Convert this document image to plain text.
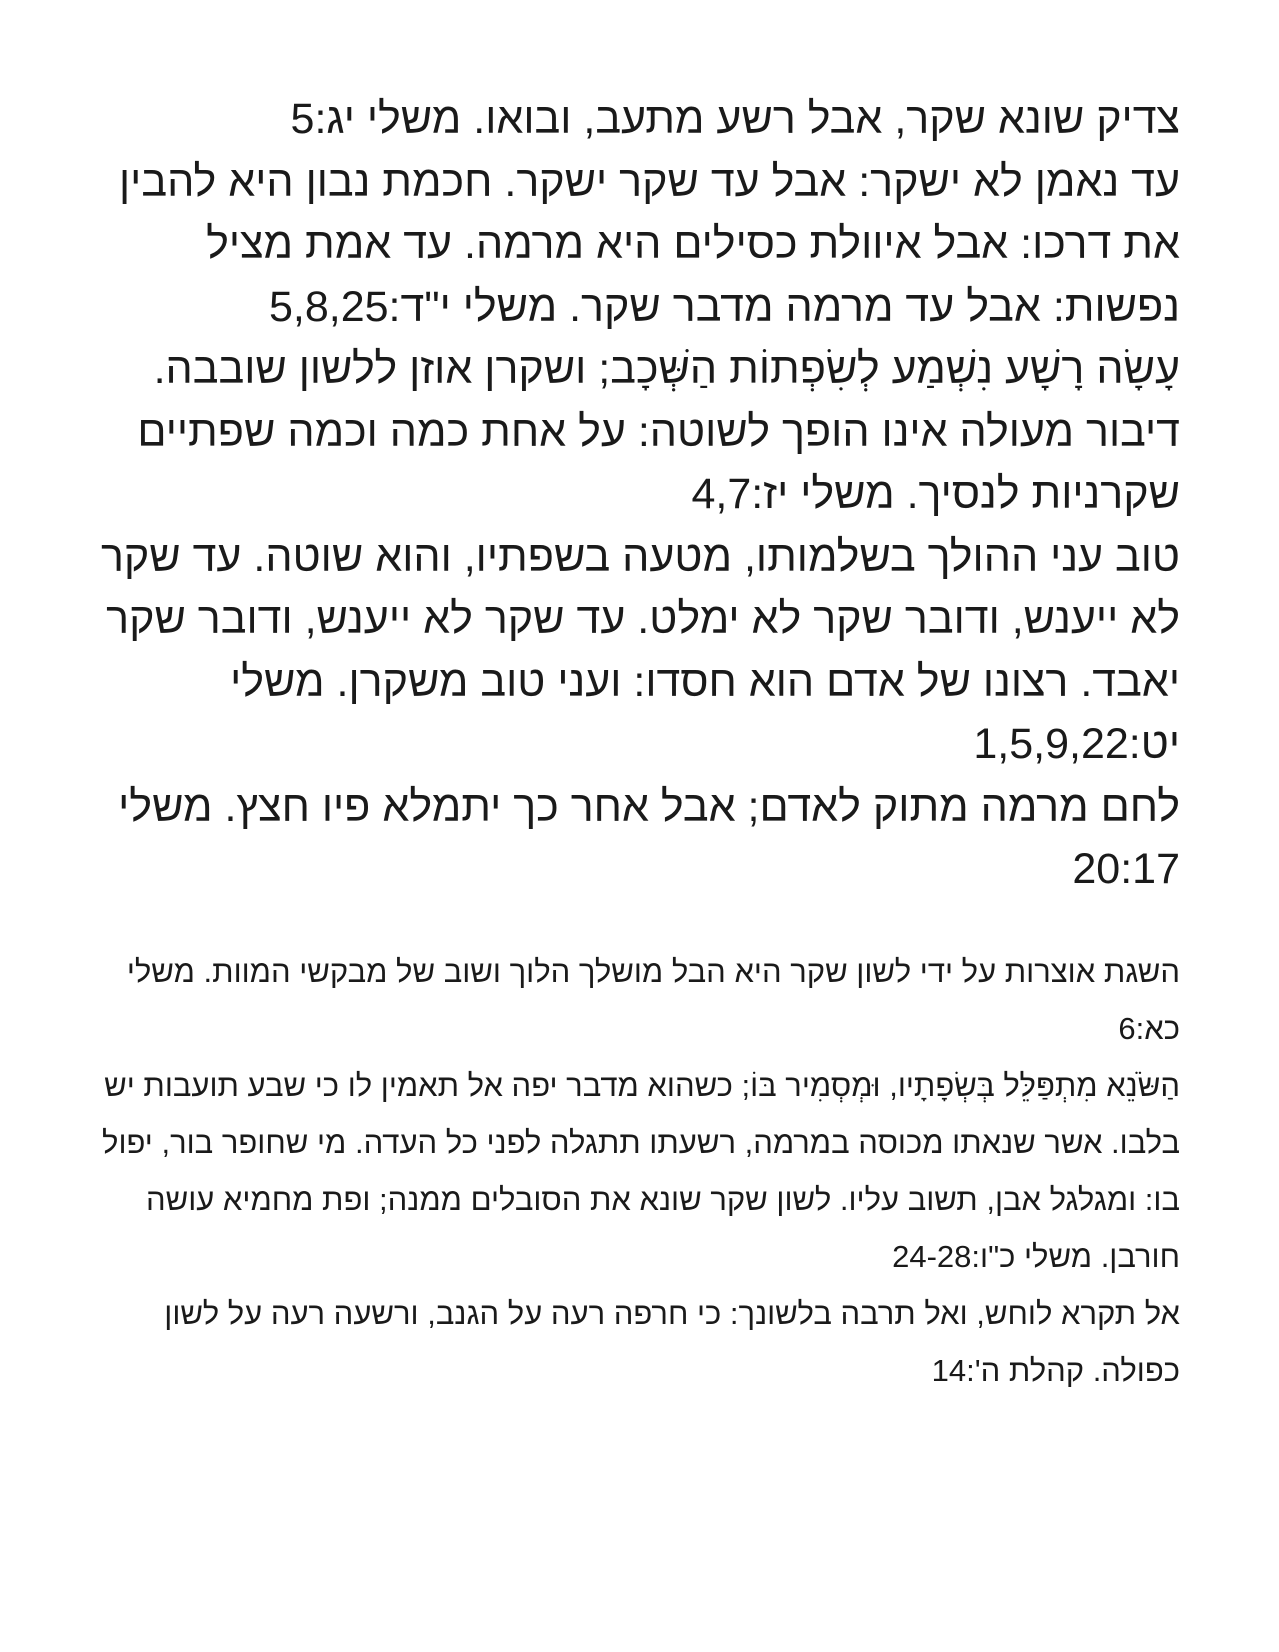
צדיק שונא שקר, אבל רשע מתעב, ובואו. משלי יג:5

עד נאמן לא ישקר: אבל עד שקר ישקר. חכמת נבון היא להבין את דרכו: אבל איוולת כסילים היא מרמה. עד אמת מציל נפשות: אבל עד מרמה מדבר שקר. משלי י"ד:5,8,25

עָשָׂה רָשָׁע נִשְׁמַע לְשִׂפְתוֹת הַשְּׁכָב; ושקרן אוזן ללשון שובבה. דיבור מעולה אינו הופך לשוטה: על אחת כמה וכמה שפתיים שקרניות לנסיך. משלי יז:4,7

טוב עני ההולך בשלמותו, מטעה בשפתיו, והוא שוטה. עד שקר לא ייענש, ודובר שקר לא ימלט. עד שקר לא ייענש, ודובר שקר יאבד. רצונו של אדם הוא חסדו: ועני טוב משקרן. משלי יט:1,5,9,22

לחם מרמה מתוק לאדם; אבל אחר כך יתמלא פיו חצץ. משלי 20:17

השגת אוצרות על ידי לשון שקר היא הבל מושלך הלוך ושוב של מבקשי המוות. משלי כא:6

הַשֹּׂנֵא מִתְפַּלֵּל בְּשְׂפָתָיו, וּמְסְמִיר בּוֹ; כשהוא מדבר יפה אל תאמין לו כי שבע תועבות יש בלבו. אשר שנאתו מכוסה במרמה, רשעתו תתגלה לפני כל העדה. מי שחופר בור, יפול בו: ומגלגל אבן, תשוב עליו. לשון שקר שונא את הסובלים ממנה; ופת מחמיא עושה חורבן. משלי כ"ו:24-28

אל תקרא לוחש, ואל תרבה בלשונך: כי חרפה רעה על הגנב, ורשעה רעה על לשון כפולה. קהלת ה':14
